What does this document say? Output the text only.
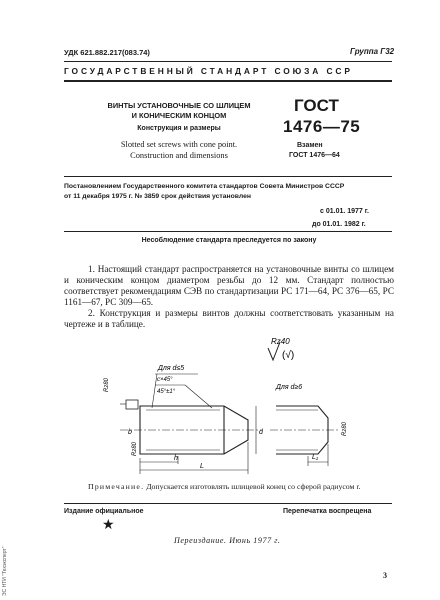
УДК 621.882.217(083.74)	Группа Г32
ГОСУДАРСТВЕННЫЙ СТАНДАРТ СОЮЗА ССР
ВИНТЫ УСТАНОВОЧНЫЕ СО ШЛИЦЕМ
И КОНИЧЕСКИМ КОНЦОМ
Конструкция и размеры
Slotted set screws with cone point.
Construction and dimensions
ГОСТ
1476—75
Взамен
ГОСТ 1476—64
Постановлением Государственного комитета стандартов Совета Министров СССР
от 11 декабря 1975 г. № 3859 срок действия установлен
с 01.01. 1977 г.
до 01.01. 1982 г.
Несоблюдение стандарта преследуется по закону
1. Настоящий стандарт распространяется на установочные винты со шлицем и коническим концом диаметром резьбы до 12 мм. Стандарт полностью соответствует рекомендациям СЭВ по стандартизации РС 171—64, РС 376—65, РС 1161—67, РС 309—65.
2. Конструкция и размеры винтов должны соответствовать указанным на чертеже и в таблице.
Rz40
(√)
Для d≤5
Для d≥6
c×45°
45°±1°
Rz80
b
Rz80
h
L
d	Rz80
L₁
Примечание. Допускается изготовлять шлицевой конец со сферой радиусом r.
Издание официальное	Перепечатка воспрещена
★
Переиздание. Июнь 1977 г.
3
ЭС НТИ "Техэксперт"
